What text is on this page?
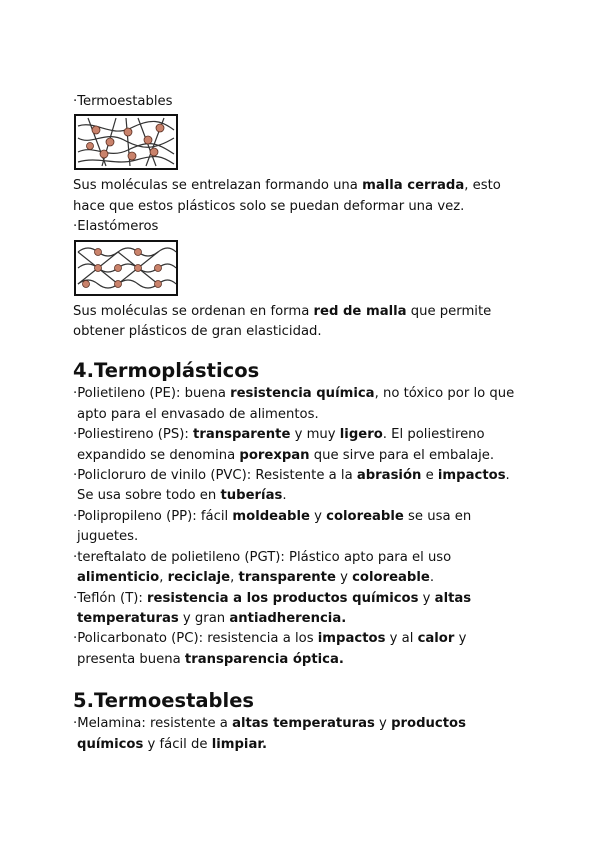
·Termoestables
Sus moléculas se entrelazan formando una malla cerrada, esto
hace que estos plásticos solo se puedan deformar una vez.
·Elastómeros
Sus moléculas se ordenan en forma red de malla que permite
obtener plásticos de gran elasticidad.
4.Termoplásticos
·Polietileno (PE): buena resistencia química, no tóxico por lo que
apto para el envasado de alimentos.
·Poliestireno (PS): transparente y muy ligero. El poliestireno
expandido se denomina porexpan que sirve para el embalaje.
·Policloruro de vinilo (PVC): Resistente a la abrasión e impactos.
Se usa sobre todo en tuberías.
·Polipropileno (PP): fácil moldeable y coloreable se usa en
juguetes.
·tereftalato de polietileno (PGT): Plástico apto para el uso
alimenticio, reciclaje, transparente y coloreable.
·Teflón (T): resistencia a los productos químicos y altas
temperaturas y gran antiadherencia.
·Policarbonato (PC): resistencia a los impactos y al calor y
presenta buena transparencia óptica.
5.Termoestables
·Melamina: resistente a altas temperaturas y productos
químicos y fácil de limpiar.
